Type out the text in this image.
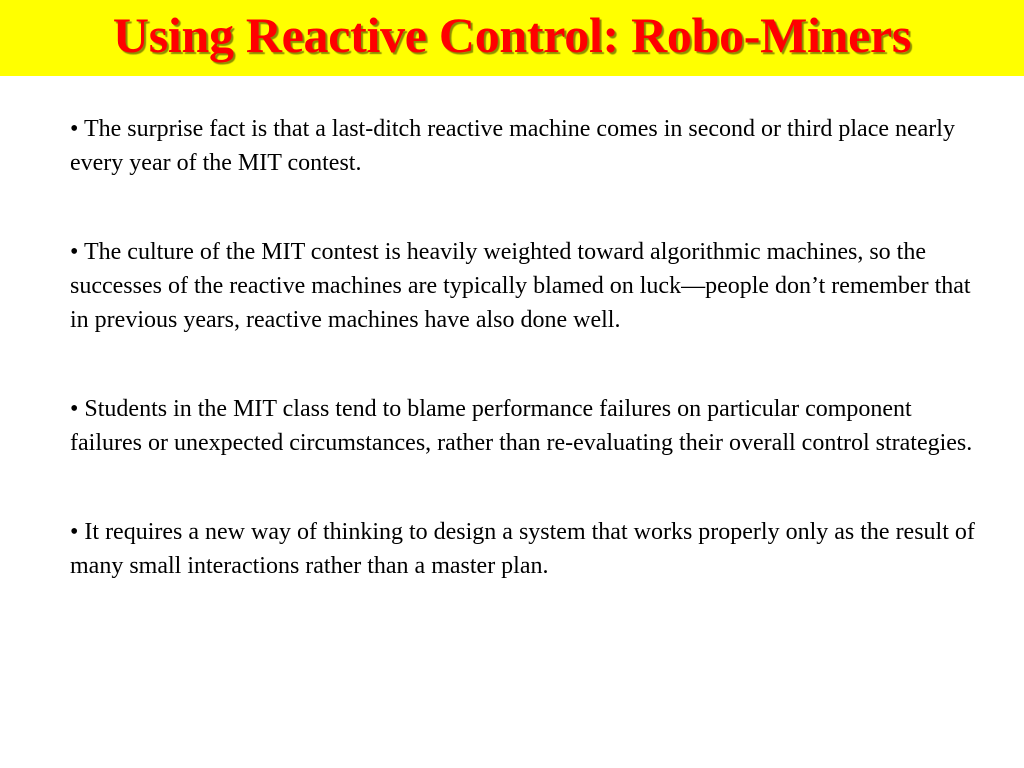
Using Reactive Control: Robo-Miners

• The surprise fact is that a last-ditch reactive machine comes in second or third place nearly every year of the MIT contest.

• The culture of the MIT contest is heavily weighted toward algorithmic machines, so the successes of the reactive machines are typically blamed on luck—people don’t remember that in previous years, reactive machines have also done well.

• Students in the MIT class tend to blame performance failures on particular component failures or unexpected circumstances, rather than re-evaluating their overall control strategies.

• It requires a new way of thinking to design a system that works properly only as the result of many small interactions rather than a master plan.
